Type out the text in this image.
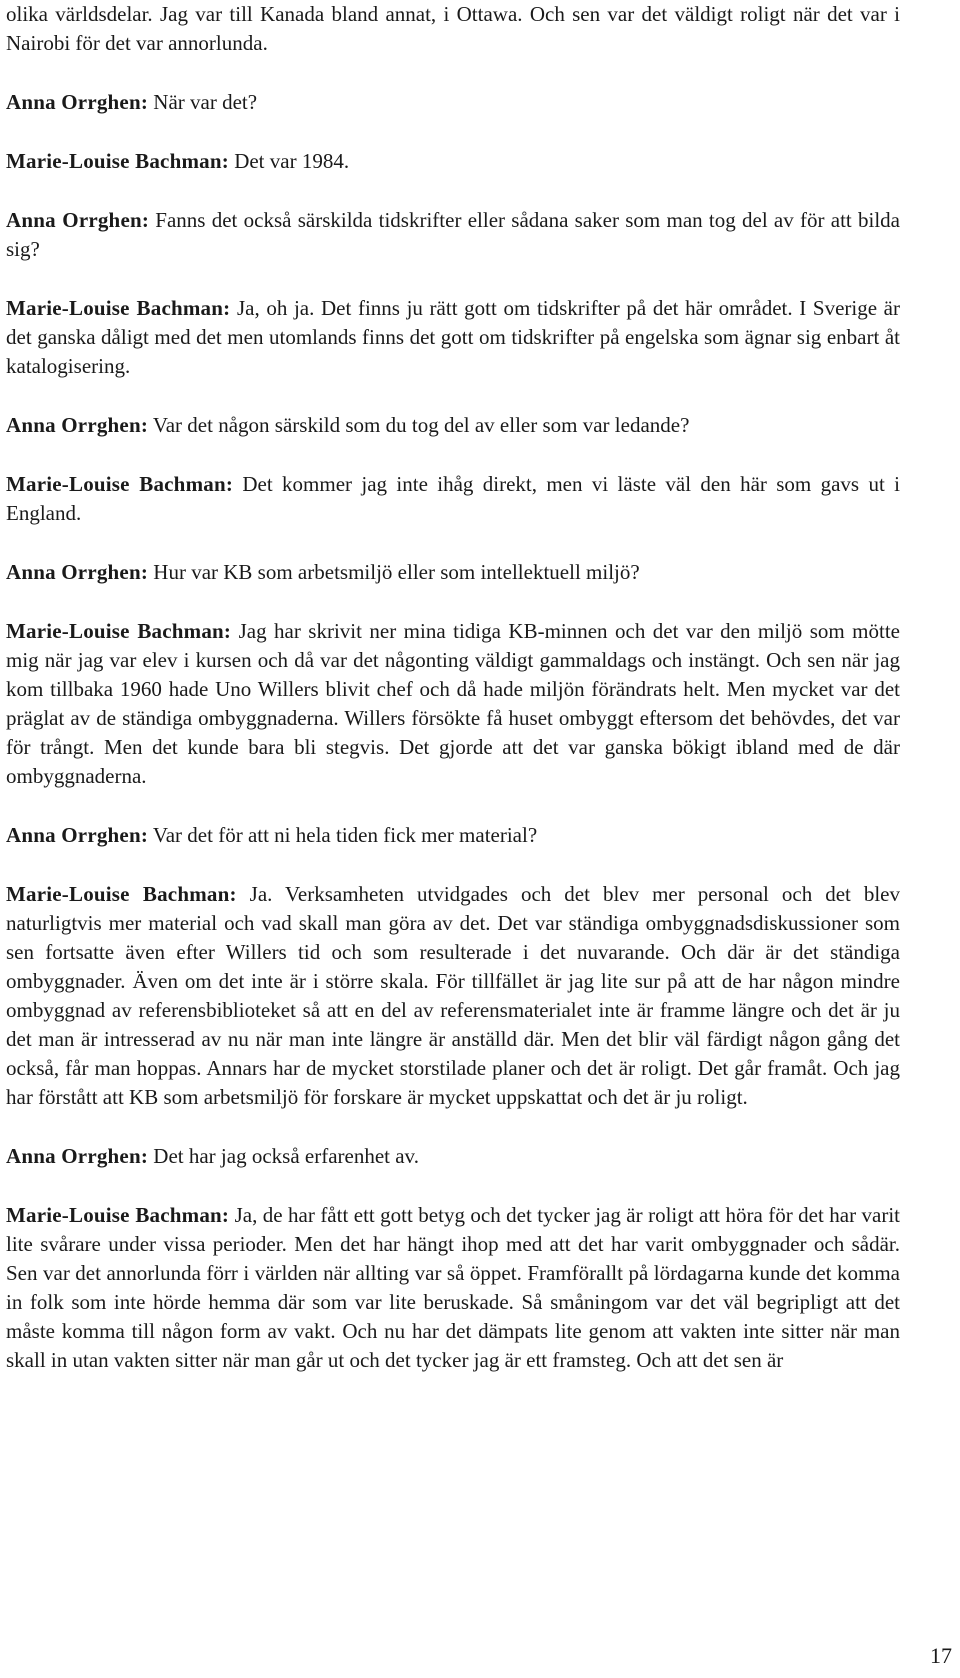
olika världsdelar. Jag var till Kanada bland annat, i Ottawa. Och sen var det väldigt roligt när det var i Nairobi för det var annorlunda.

Anna Orrghen: När var det?

Marie-Louise Bachman: Det var 1984.

Anna Orrghen: Fanns det också särskilda tidskrifter eller sådana saker som man tog del av för att bilda sig?

Marie-Louise Bachman: Ja, oh ja. Det finns ju rätt gott om tidskrifter på det här området. I Sverige är det ganska dåligt med det men utomlands finns det gott om tidskrifter på engelska som ägnar sig enbart åt katalogisering.

Anna Orrghen: Var det någon särskild som du tog del av eller som var ledande?

Marie-Louise Bachman: Det kommer jag inte ihåg direkt, men vi läste väl den här som gavs ut i England.

Anna Orrghen: Hur var KB som arbetsmiljö eller som intellektuell miljö?

Marie-Louise Bachman: Jag har skrivit ner mina tidiga KB-minnen och det var den miljö som mötte mig när jag var elev i kursen och då var det någonting väldigt gammaldags och instängt. Och sen när jag kom tillbaka 1960 hade Uno Willers blivit chef och då hade miljön förändrats helt. Men mycket var det präglat av de ständiga ombyggnaderna. Willers försökte få huset ombyggt eftersom det behövdes, det var för trångt. Men det kunde bara bli stegvis. Det gjorde att det var ganska bökigt ibland med de där ombyggnaderna.

Anna Orrghen: Var det för att ni hela tiden fick mer material?

Marie-Louise Bachman: Ja. Verksamheten utvidgades och det blev mer personal och det blev naturligtvis mer material och vad skall man göra av det. Det var ständiga ombyggnadsdiskussioner som sen fortsatte även efter Willers tid och som resulterade i det nuvarande. Och där är det ständiga ombyggnader. Även om det inte är i större skala. För tillfället är jag lite sur på att de har någon mindre ombyggnad av referensbiblioteket så att en del av referensmaterialet inte är framme längre och det är ju det man är intresserad av nu när man inte längre är anställd där. Men det blir väl färdigt någon gång det också, får man hoppas. Annars har de mycket storstilade planer och det är roligt. Det går framåt. Och jag har förstått att KB som arbetsmiljö för forskare är mycket uppskattat och det är ju roligt.

Anna Orrghen: Det har jag också erfarenhet av.

Marie-Louise Bachman: Ja, de har fått ett gott betyg och det tycker jag är roligt att höra för det har varit lite svårare under vissa perioder. Men det har hängt ihop med att det har varit ombyggnader och sådär. Sen var det annorlunda förr i världen när allting var så öppet. Framförallt på lördagarna kunde det komma in folk som inte hörde hemma där som var lite beruskade. Så småningom var det väl begripligt att det måste komma till någon form av vakt. Och nu har det dämpats lite genom att vakten inte sitter när man skall in utan vakten sitter när man går ut och det tycker jag är ett framsteg. Och att det sen är

17
